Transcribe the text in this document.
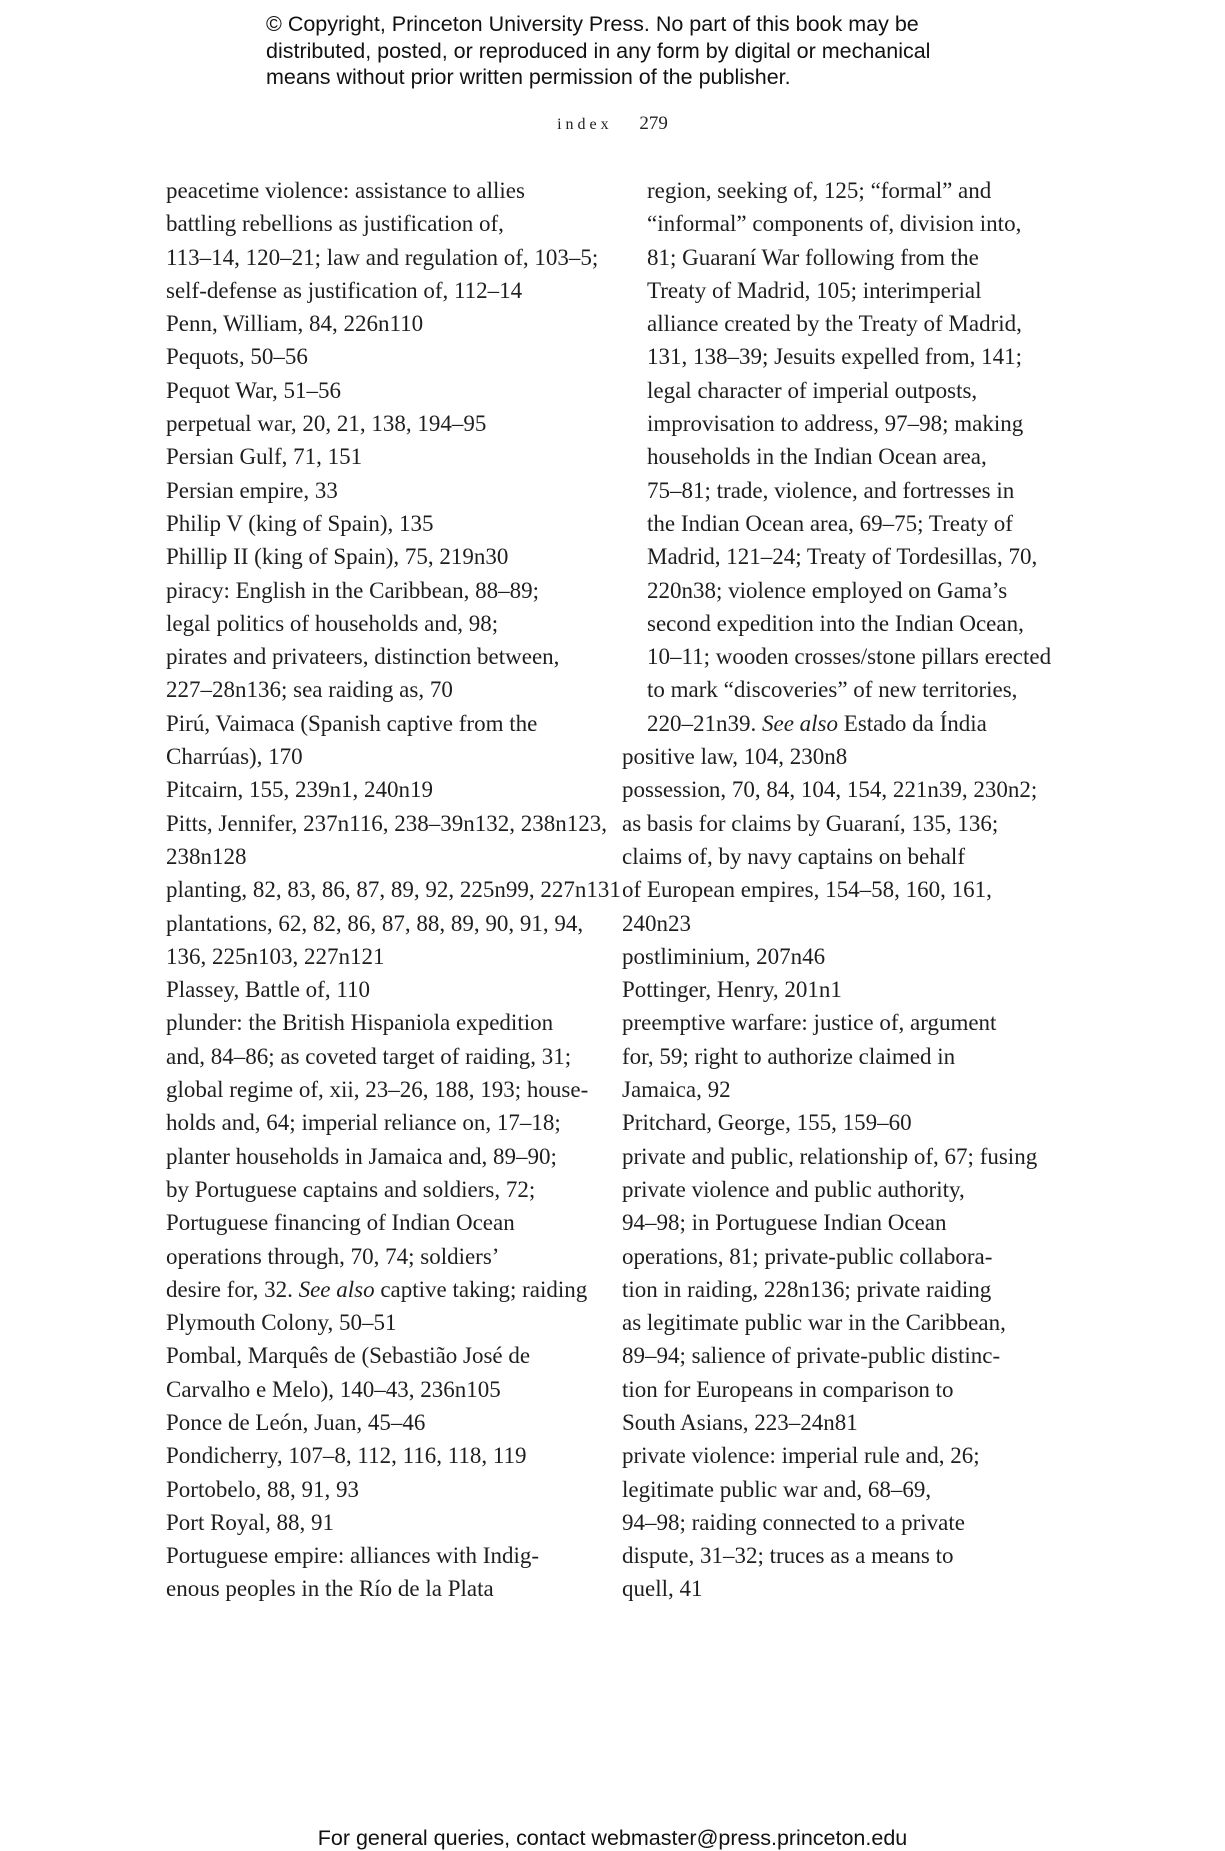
© Copyright, Princeton University Press. No part of this book may be
distributed, posted, or reproduced in any form by digital or mechanical
means without prior written permission of the publisher.
index 279
peacetime violence: assistance to allies
battling rebellions as justification of,
113–14, 120–21; law and regulation of, 103–5;
self-defense as justification of, 112–14
Penn, William, 84, 226n110
Pequots, 50–56
Pequot War, 51–56
perpetual war, 20, 21, 138, 194–95
Persian Gulf, 71, 151
Persian empire, 33
Philip V (king of Spain), 135
Phillip II (king of Spain), 75, 219n30
piracy: English in the Caribbean, 88–89;
legal politics of households and, 98;
pirates and privateers, distinction between,
227–28n136; sea raiding as, 70
Pirú, Vaimaca (Spanish captive from the
Charrúas), 170
Pitcairn, 155, 239n1, 240n19
Pitts, Jennifer, 237n116, 238–39n132, 238n123,
238n128
planting, 82, 83, 86, 87, 89, 92, 225n99, 227n131
plantations, 62, 82, 86, 87, 88, 89, 90, 91, 94,
136, 225n103, 227n121
Plassey, Battle of, 110
plunder: the British Hispaniola expedition
and, 84–86; as coveted target of raiding, 31;
global regime of, xii, 23–26, 188, 193; house-
holds and, 64; imperial reliance on, 17–18;
planter households in Jamaica and, 89–90;
by Portuguese captains and soldiers, 72;
Portuguese financing of Indian Ocean
operations through, 70, 74; soldiers’
desire for, 32. See also captive taking; raiding
Plymouth Colony, 50–51
Pombal, Marquês de (Sebastião José de
Carvalho e Melo), 140–43, 236n105
Ponce de León, Juan, 45–46
Pondicherry, 107–8, 112, 116, 118, 119
Portobelo, 88, 91, 93
Port Royal, 88, 91
Portuguese empire: alliances with Indig-
enous peoples in the Río de la Plata
region, seeking of, 125; “formal” and
“informal” components of, division into,
81; Guaraní War following from the
Treaty of Madrid, 105; interimperial
alliance created by the Treaty of Madrid,
131, 138–39; Jesuits expelled from, 141;
legal character of imperial outposts,
improvisation to address, 97–98; making
households in the Indian Ocean area,
75–81; trade, violence, and fortresses in
the Indian Ocean area, 69–75; Treaty of
Madrid, 121–24; Treaty of Tordesillas, 70,
220n38; violence employed on Gama’s
second expedition into the Indian Ocean,
10–11; wooden crosses/stone pillars erected
to mark “discoveries” of new territories,
220–21n39. See also Estado da Índia
positive law, 104, 230n8
possession, 70, 84, 104, 154, 221n39, 230n2;
as basis for claims by Guaraní, 135, 136;
claims of, by navy captains on behalf
of European empires, 154–58, 160, 161,
240n23
postliminium, 207n46
Pottinger, Henry, 201n1
preemptive warfare: justice of, argument
for, 59; right to authorize claimed in
Jamaica, 92
Pritchard, George, 155, 159–60
private and public, relationship of, 67; fusing
private violence and public authority,
94–98; in Portuguese Indian Ocean
operations, 81; private-public collabora-
tion in raiding, 228n136; private raiding
as legitimate public war in the Caribbean,
89–94; salience of private-public distinc-
tion for Europeans in comparison to
South Asians, 223–24n81
private violence: imperial rule and, 26;
legitimate public war and, 68–69,
94–98; raiding connected to a private
dispute, 31–32; truces as a means to
quell, 41
For general queries, contact webmaster@press.princeton.edu
